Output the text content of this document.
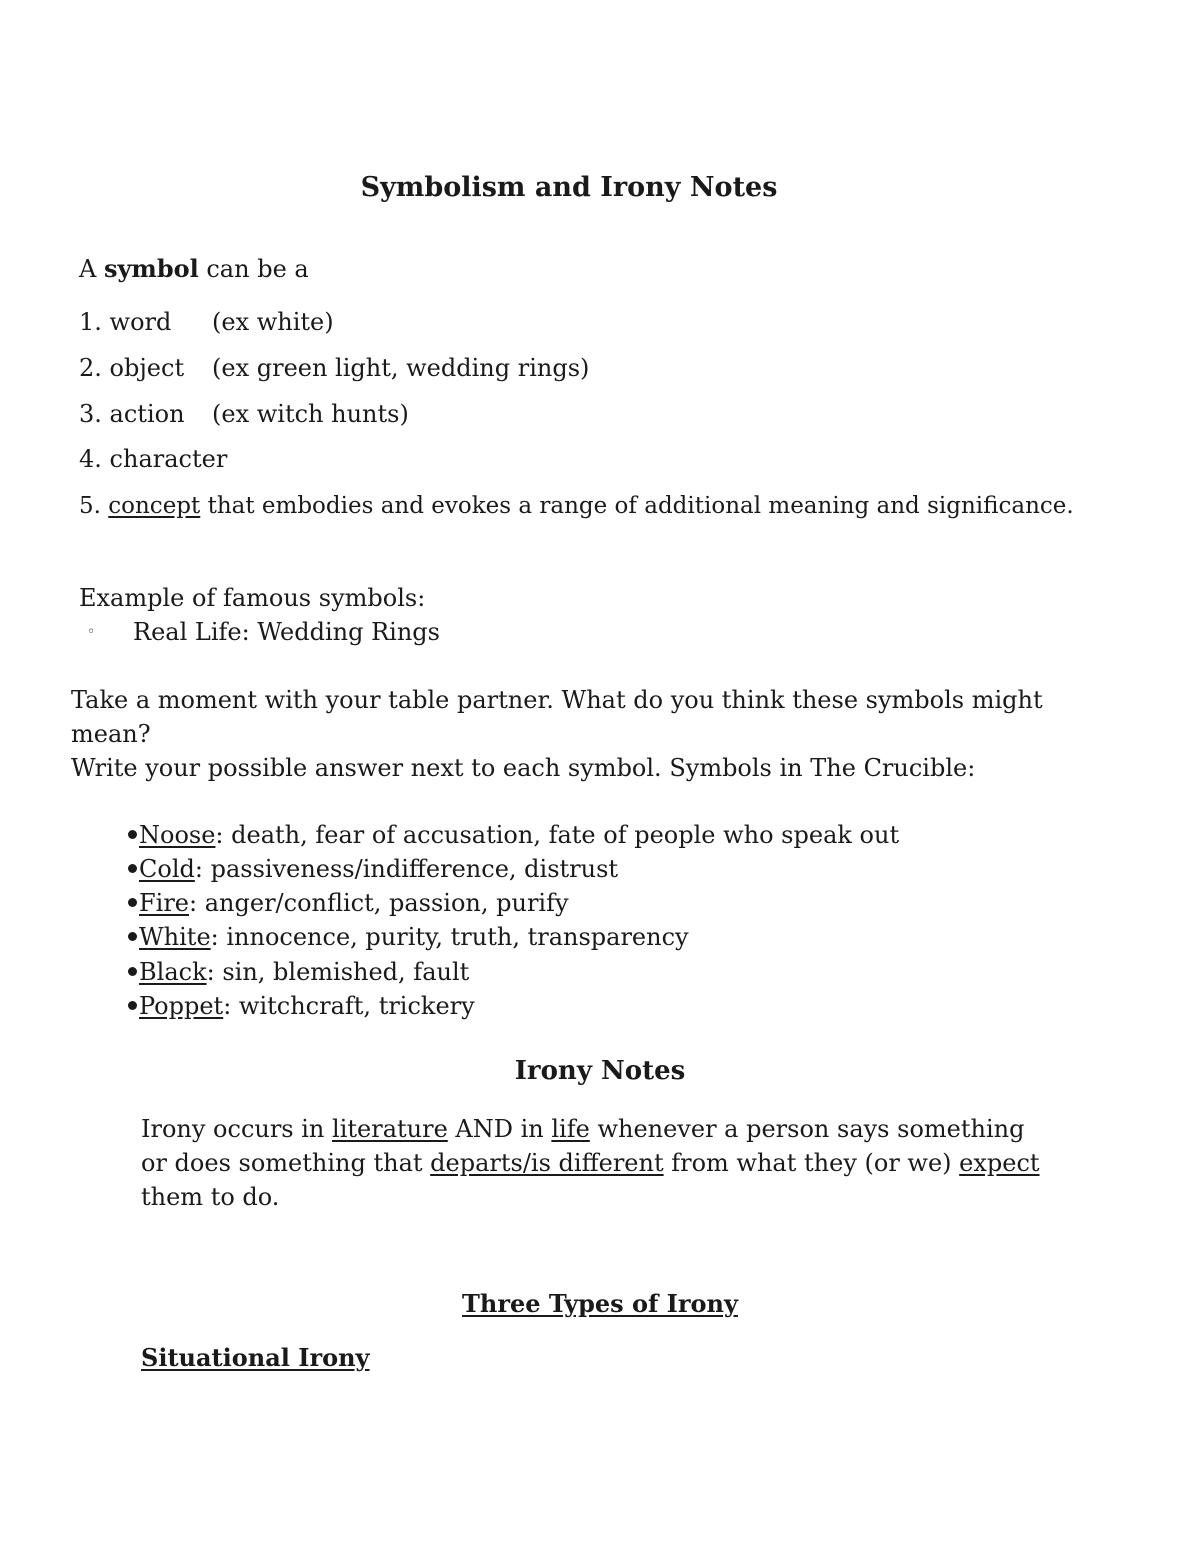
Symbolism and Irony Notes
A symbol can be a
1. word (ex white)
2. object (ex green light, wedding rings)
3. action (ex witch hunts)
4. character
5. concept that embodies and evokes a range of additional meaning and significance.
Example of famous symbols:
◦ Real Life: Wedding Rings
Take a moment with your table partner. What do you think these symbols might
mean?
Write your possible answer next to each symbol. Symbols in The Crucible:
Noose: death, fear of accusation, fate of people who speak out
Cold: passiveness/indifference, distrust
Fire: anger/conflict, passion, purify
White: innocence, purity, truth, transparency
Black: sin, blemished, fault
Poppet: witchcraft, trickery
Irony Notes
Irony occurs in literature AND in life whenever a person says something or does something that departs/is different from what they (or we) expect them to do.
Three Types of Irony
Situational Irony
